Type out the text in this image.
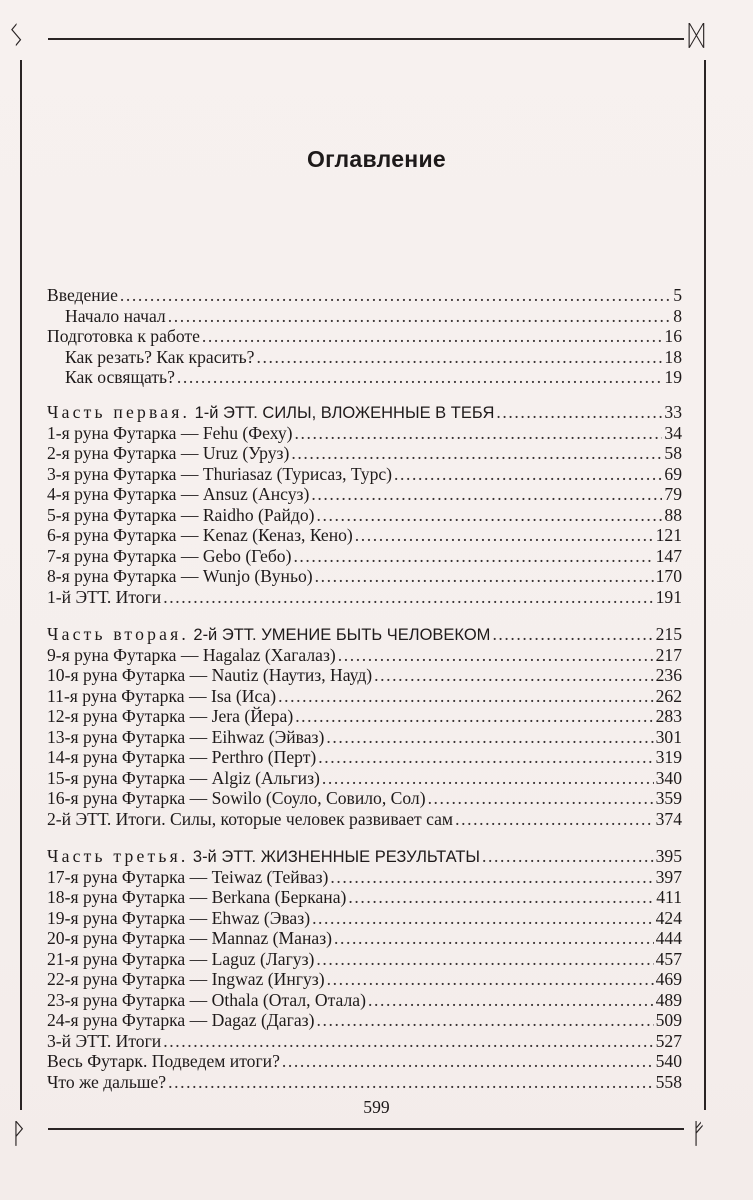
ᛊ	ᛞ
ᚹ	ᚠ
Оглавление
Введение . . .	5
Начало начал . . .	8
Подготовка к работе . . .	16
Как резать? Как красить? . . .	18
Как освящать? . . .	19
Часть первая. 1-й ЭТТ. СИЛЫ, ВЛОЖЕННЫЕ В ТЕБЯ . . .	33
1-я руна Футарка — Fehu (Феху) . . .	34
2-я руна Футарка — Uruz (Уруз) . . .	58
3-я руна Футарка — Thuriasaz (Турисаз, Турс) . . .	69
4-я руна Футарка — Ansuz (Ансуз) . . .	79
5-я руна Футарка — Raidho (Райдо) . . .	88
6-я руна Футарка — Kenaz (Кеназ, Кено) . . .	121
7-я руна Футарка — Gebo (Гебо) . . .	147
8-я руна Футарка — Wunjo (Вуньо) . . .	170
1-й ЭТТ. Итоги . . .	191
Часть вторая. 2-й ЭТТ. УМЕНИЕ БЫТЬ ЧЕЛОВЕКОМ . . .	215
9-я руна Футарка — Hagalaz (Хагалаз) . . .	217
10-я руна Футарка — Nautiz (Наутиз, Науд) . . .	236
11-я руна Футарка — Isa (Иса) . . .	262
12-я руна Футарка — Jera (Йера) . . .	283
13-я руна Футарка — Eihwaz (Эйваз) . . .	301
14-я руна Футарка — Perthro (Перт) . . .	319
15-я руна Футарка — Algiz (Альгиз) . . .	340
16-я руна Футарка — Sowilo (Соуло, Совило, Сол) . . .	359
2-й ЭТТ. Итоги. Силы, которые человек развивает сам . . .	374
Часть третья. 3-й ЭТТ. ЖИЗНЕННЫЕ РЕЗУЛЬТАТЫ . . .	395
17-я руна Футарка — Teiwaz (Тейваз) . . .	397
18-я руна Футарка — Berkana (Беркана) . . .	411
19-я руна Футарка — Ehwaz (Эваз) . . .	424
20-я руна Футарка — Mannaz (Маназ) . . .	444
21-я руна Футарка — Laguz (Лагуз) . . .	457
22-я руна Футарка — Ingwaz (Ингуз) . . .	469
23-я руна Футарка — Othala (Отал, Отала) . . .	489
24-я руна Футарка — Dagaz (Дагаз) . . .	509
3-й ЭТТ. Итоги . . .	527
Весь Футарк. Подведем итоги? . . .	540
Что же дальше? . . .	558
599
